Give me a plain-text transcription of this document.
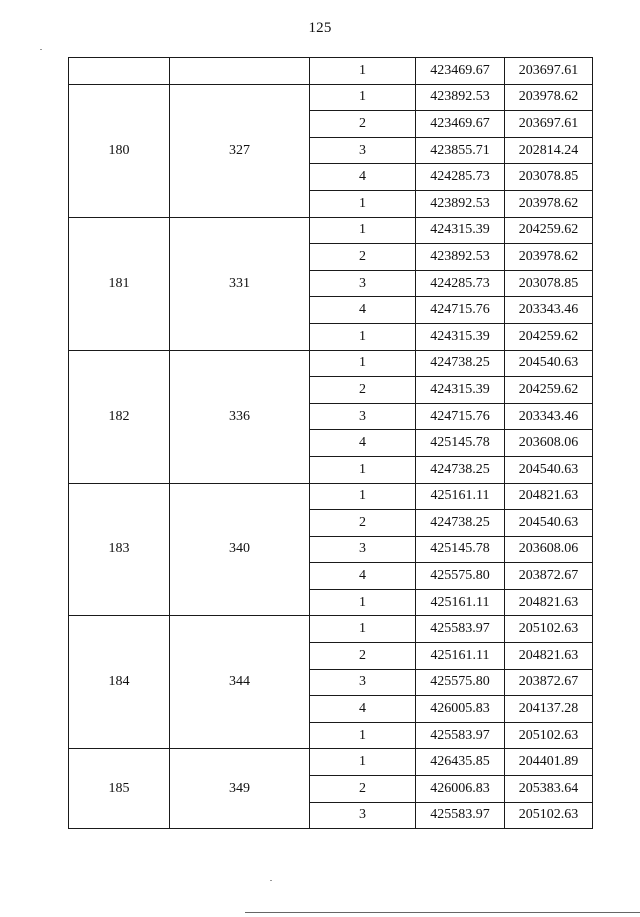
125
		1	423469.67	203697.61
180	327	1	423892.53	203978.62
		2	423469.67	203697.61
		3	423855.71	202814.24
		4	424285.73	203078.85
		1	423892.53	203978.62
181	331	1	424315.39	204259.62
		2	423892.53	203978.62
		3	424285.73	203078.85
		4	424715.76	203343.46
		1	424315.39	204259.62
182	336	1	424738.25	204540.63
		2	424315.39	204259.62
		3	424715.76	203343.46
		4	425145.78	203608.06
		1	424738.25	204540.63
183	340	1	425161.11	204821.63
		2	424738.25	204540.63
		3	425145.78	203608.06
		4	425575.80	203872.67
		1	425161.11	204821.63
184	344	1	425583.97	205102.63
		2	425161.11	204821.63
		3	425575.80	203872.67
		4	426005.83	204137.28
		1	425583.97	205102.63
185	349	1	426435.85	204401.89
		2	426006.83	205383.64
		3	425583.97	205102.63
